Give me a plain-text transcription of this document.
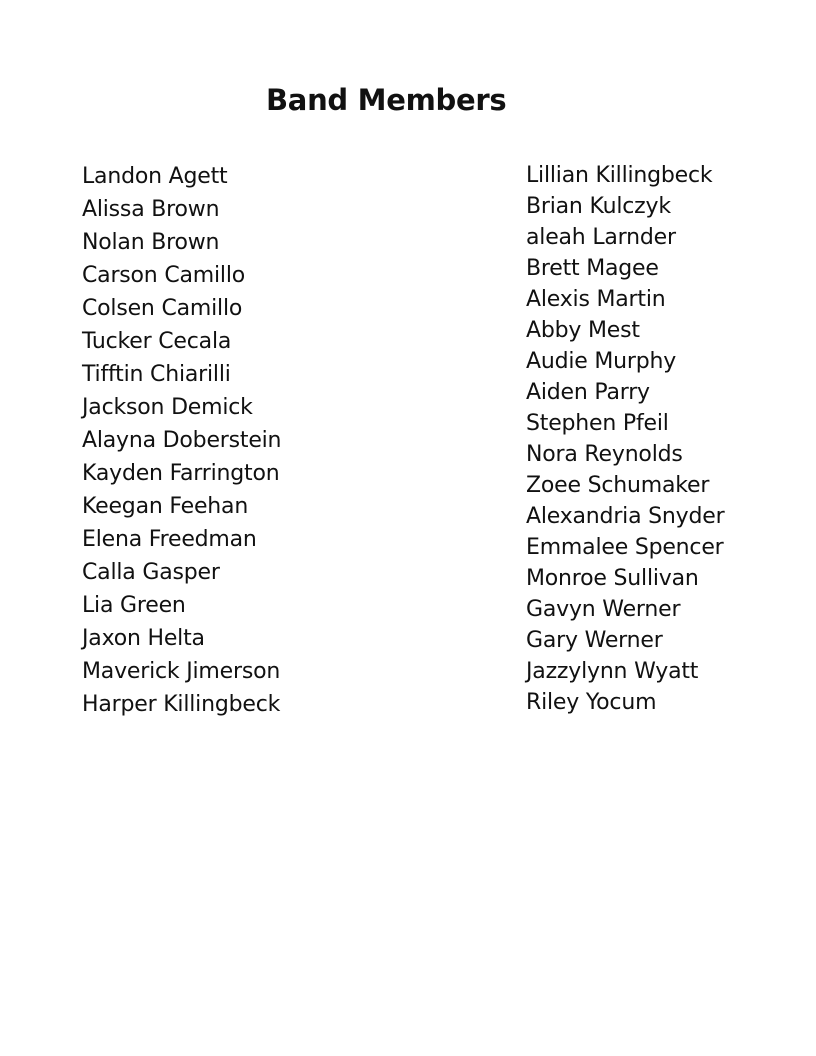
Band Members
Landon Agett
Alissa Brown
Nolan Brown
Carson Camillo
Colsen Camillo
Tucker Cecala
Tifftin Chiarilli
Jackson Demick
Alayna Doberstein
Kayden Farrington
Keegan Feehan
Elena Freedman
Calla Gasper
Lia Green
Jaxon Helta
Maverick Jimerson
Harper Killingbeck
Lillian Killingbeck
Brian Kulczyk
aleah Larnder
Brett Magee
Alexis Martin
Abby Mest
Audie Murphy
Aiden Parry
Stephen Pfeil
Nora Reynolds
Zoee Schumaker
Alexandria Snyder
Emmalee Spencer
Monroe Sullivan
Gavyn Werner
Gary Werner
Jazzylynn Wyatt
Riley Yocum
